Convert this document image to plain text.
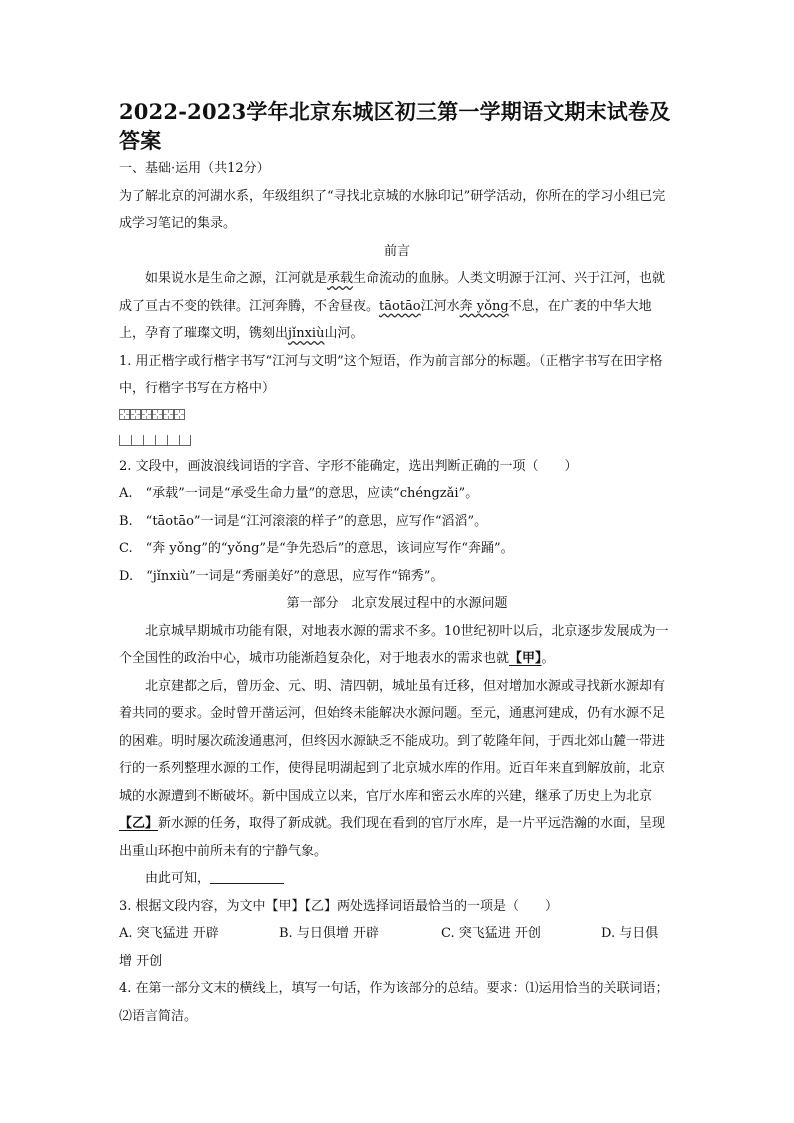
2022-2023学年北京东城区初三第一学期语文期末试卷及答案

一、基础·运用（共12分）

为了解北京的河湖水系，年级组织了“寻找北京城的水脉印记”研学活动，你所在的学习小组已完成学习笔记的集录。

前言

如果说水是生命之源，江河就是承载生命流动的血脉。人类文明源于江河、兴于江河，也就成了亘古不变的铁律。江河奔腾，不舍昼夜。tāotāo江河水奔 yǒng不息，在广袤的中华大地上，孕育了璀璨文明，镌刻出jǐnxiù山河。

1. 用正楷字或行楷字书写“江河与文明”这个短语，作为前言部分的标题。（正楷字书写在田字格中，行楷字书写在方格中）

2. 文段中，画波浪线词语的字音、字形不能确定，选出判断正确的一项（　　）

A.　“承载”一词是“承受生命力量”的意思，应读“chéngzǎi”。

B.　“tāotāo”一词是“江河滚滚的样子”的意思，应写作“滔滔”。

C.　“奔 yǒng”的“yǒng”是“争先恐后”的意思，该词应写作“奔踊”。

D.　“jǐnxiù”一词是“秀丽美好”的意思，应写作“锦秀”。

第一部分　北京发展过程中的水源问题

北京城早期城市功能有限，对地表水源的需求不多。10世纪初叶以后，北京逐步发展成为一个全国性的政治中心，城市功能渐趋复杂化，对于地表水的需求也就【甲】。

北京建都之后，曾历金、元、明、清四朝，城址虽有迁移，但对增加水源或寻找新水源却有着共同的要求。金时曾开凿运河，但始终未能解决水源问题。至元，通惠河建成，仍有水源不足的困难。明时屡次疏浚通惠河，但终因水源缺乏不能成功。到了乾隆年间，于西北郊山麓一带进行的一系列整理水源的工作，使得昆明湖起到了北京城水库的作用。近百年来直到解放前，北京城的水源遭到不断破坏。新中国成立以来，官厅水库和密云水库的兴建，继承了历史上为北京【乙】新水源的任务，取得了新成就。我们现在看到的官厅水库，是一片平远浩瀚的水面，呈现出重山环抱中前所未有的宁静气象。

由此可知，

3. 根据文段内容，为文中【甲】【乙】两处选择词语最恰当的一项是（　　）

A. 突飞猛进 开辟	B. 与日俱增 开辟	C. 突飞猛进 开创	D. 与日俱

增 开创

4. 在第一部分文末的横线上，填写一句话，作为该部分的总结。要求：⑴运用恰当的关联词语；⑵语言简洁。
